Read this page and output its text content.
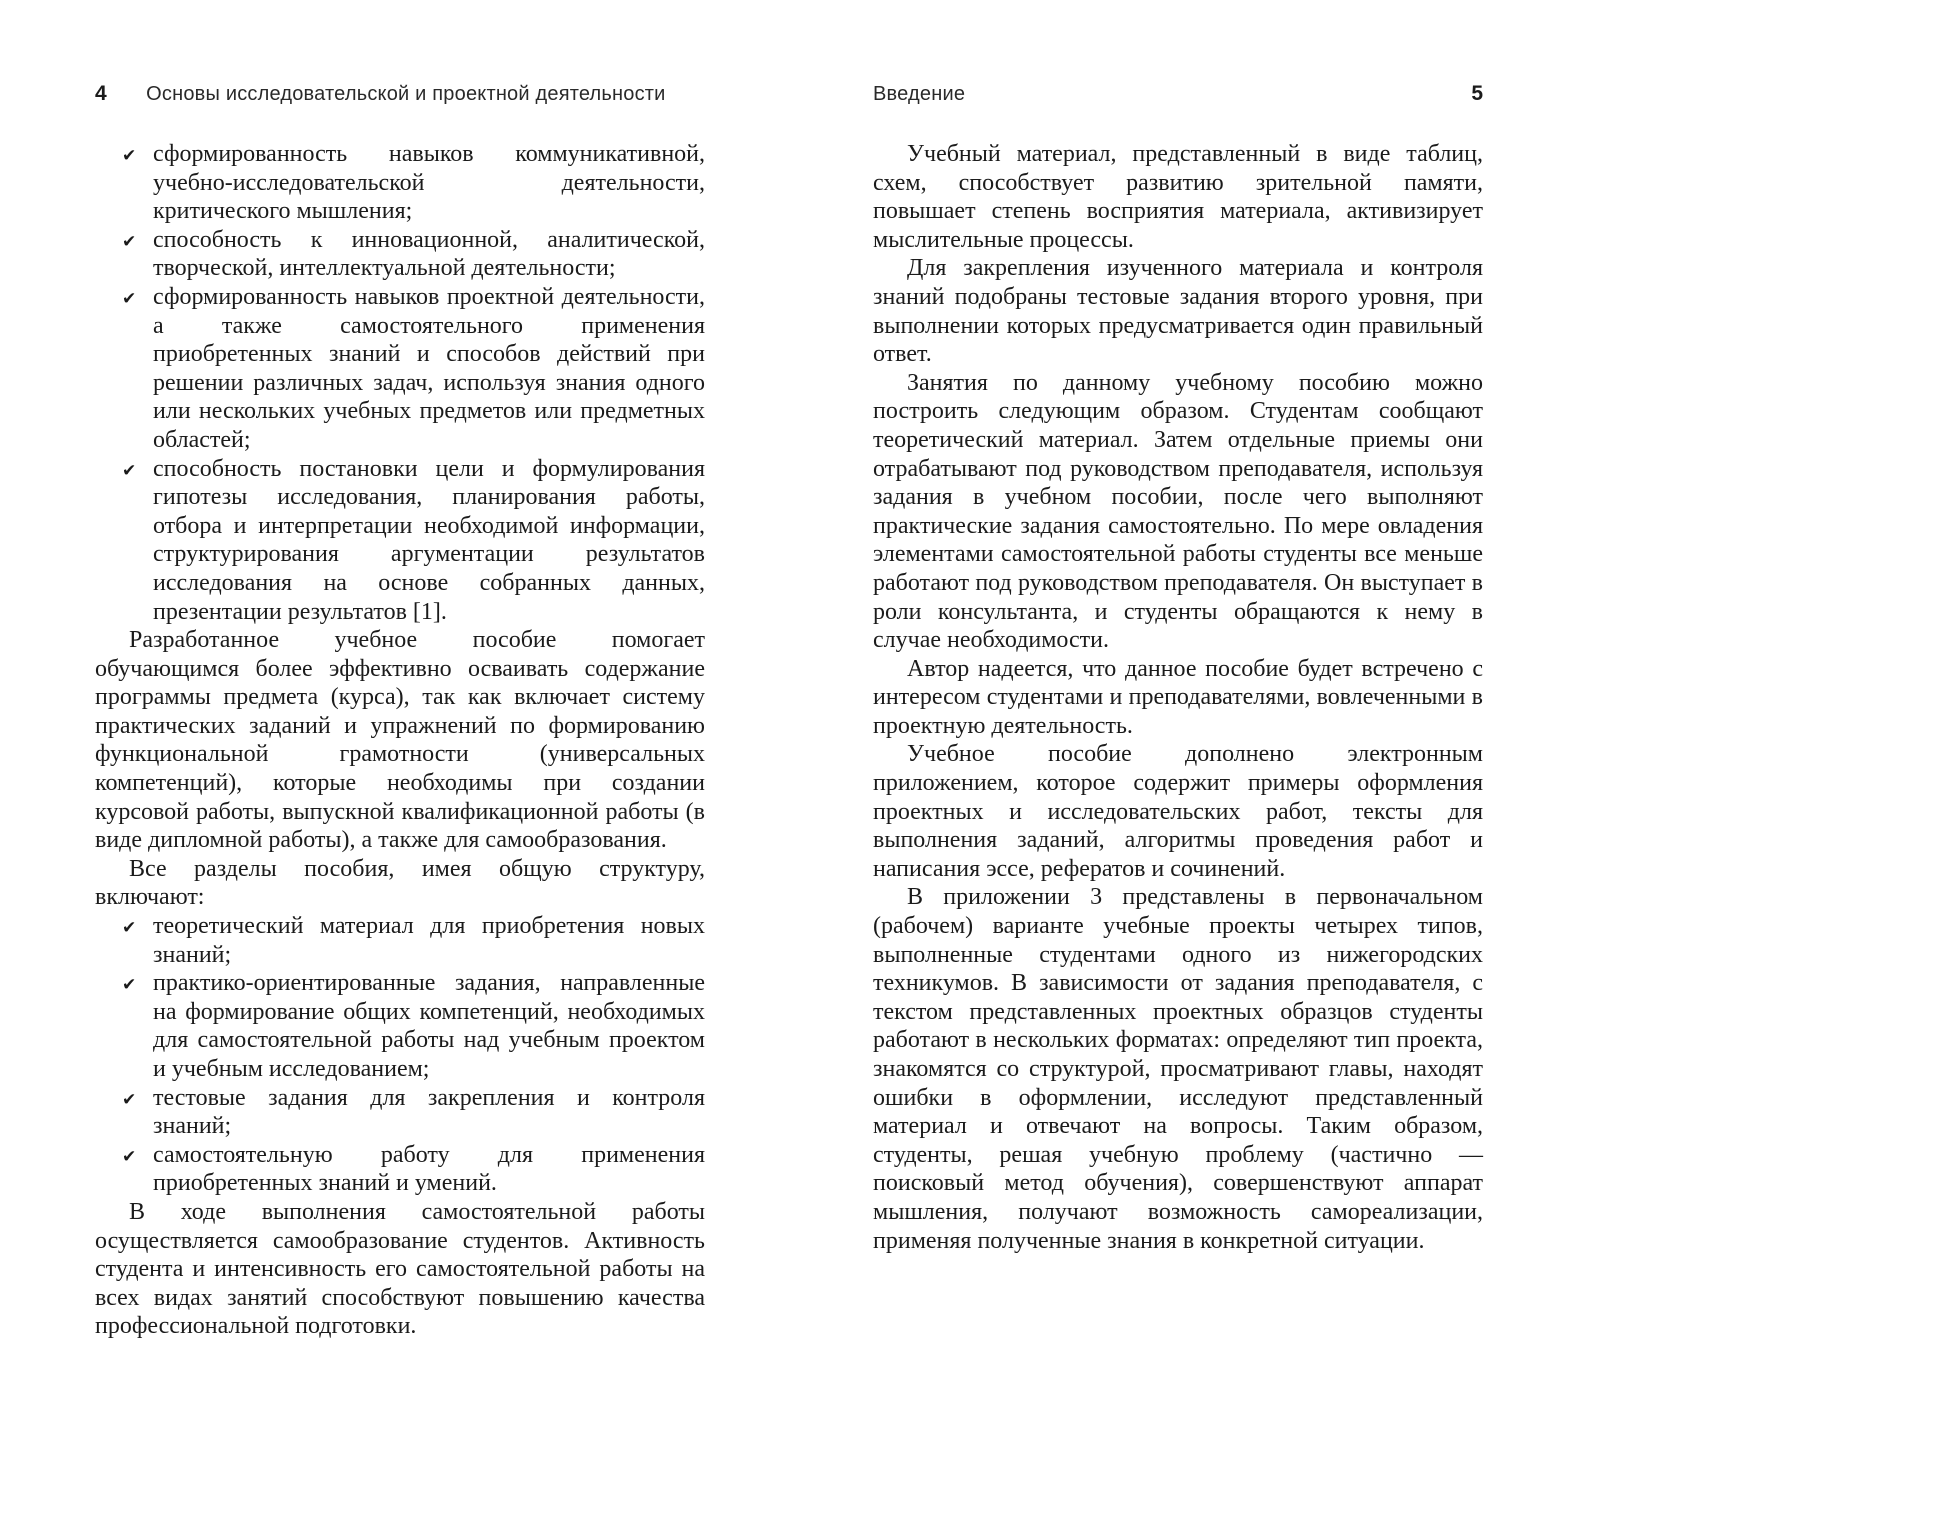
4	Основы исследовательской и проектной деятельности
✔ сформированность навыков коммуникативной, учебно-исследовательской деятельности, критического мышления;
✔ способность к инновационной, аналитической, творческой, интеллектуальной деятельности;
✔ сформированность навыков проектной деятельности, а также самостоятельного применения приобретенных знаний и способов действий при решении различных задач, используя знания одного или нескольких учебных предметов или предметных областей;
✔ способность постановки цели и формулирования гипотезы исследования, планирования работы, отбора и интерпретации необходимой информации, структурирования аргументации результатов исследования на основе собранных данных, презентации результатов [1].

Разработанное учебное пособие помогает обучающимся более эффективно осваивать содержание программы предмета (курса), так как включает систему практических заданий и упражнений по формированию функциональной грамотности (универсальных компетенций), которые необходимы при создании курсовой работы, выпускной квалификационной работы (в виде дипломной работы), а также для самообразования.

Все разделы пособия, имея общую структуру, включают:

✔ теоретический материал для приобретения новых знаний;
✔ практико-ориентированные задания, направленные на формирование общих компетенций, необходимых для самостоятельной работы над учебным проектом и учебным исследованием;
✔ тестовые задания для закрепления и контроля знаний;
✔ самостоятельную работу для применения приобретенных знаний и умений.

В ходе выполнения самостоятельной работы осуществляется самообразование студентов. Активность студента и интенсивность его самостоятельной работы на всех видах занятий способствуют повышению качества профессиональной подготовки.

Введение	5

Учебный материал, представленный в виде таблиц, схем, способствует развитию зрительной памяти, повышает степень восприятия материала, активизирует мыслительные процессы.

Для закрепления изученного материала и контроля знаний подобраны тестовые задания второго уровня, при выполнении которых предусматривается один правильный ответ.

Занятия по данному учебному пособию можно построить следующим образом. Студентам сообщают теоретический материал. Затем отдельные приемы они отрабатывают под руководством преподавателя, используя задания в учебном пособии, после чего выполняют практические задания самостоятельно. По мере овладения элементами самостоятельной работы студенты все меньше работают под руководством преподавателя. Он выступает в роли консультанта, и студенты обращаются к нему в случае необходимости.

Автор надеется, что данное пособие будет встречено с интересом студентами и преподавателями, вовлеченными в проектную деятельность.

Учебное пособие дополнено электронным приложением, которое содержит примеры оформления проектных и исследовательских работ, тексты для выполнения заданий, алгоритмы проведения работ и написания эссе, рефератов и сочинений.

В приложении 3 представлены в первоначальном (рабочем) варианте учебные проекты четырех типов, выполненные студентами одного из нижегородских техникумов. В зависимости от задания преподавателя, с текстом представленных проектных образцов студенты работают в нескольких форматах: определяют тип проекта, знакомятся со структурой, просматривают главы, находят ошибки в оформлении, исследуют представленный материал и отвечают на вопросы. Таким образом, студенты, решая учебную проблему (частично — поисковый метод обучения), совершенствуют аппарат мышления, получают возможность самореализации, применяя полученные знания в конкретной ситуации.
